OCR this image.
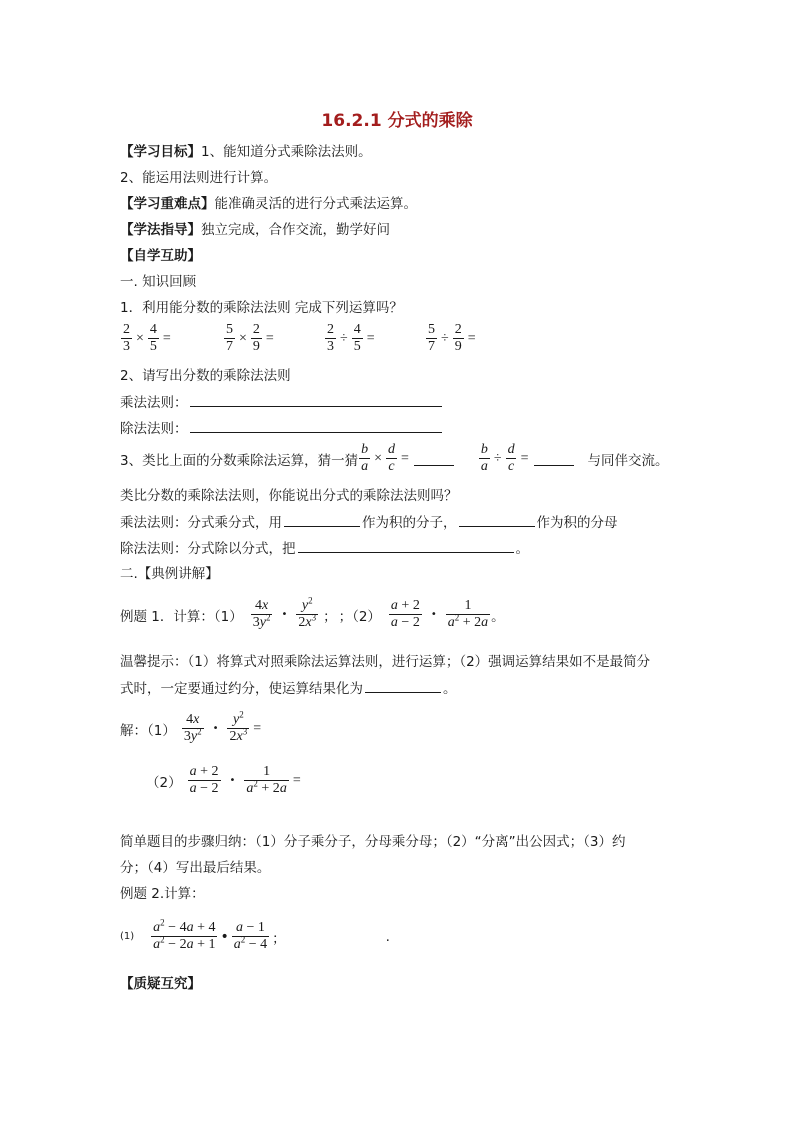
16.2.1 分式的乘除
【学习目标】1、能知道分式乘除法法则。
2、能运用法则进行计算。
【学习重难点】能准确灵活的进行分式乘法运算。
【学法指导】独立完成，合作交流，勤学好问
【自学互助】
一. 知识回顾
1．利用能分数的乘除法法则 完成下列运算吗？
$\frac{2}{3} \times \frac{4}{5}$ =	$\frac{5}{7} \times \frac{2}{9}$ =	$\frac{2}{3} \div \frac{4}{5}$ =	$\frac{5}{7} \div \frac{2}{9}$ =
2、请写出分数的乘除法法则
乘法法则：
除法法则：
3、类比上面的分数乘除法运算，猜一猜 $\frac{b}{a} \times \frac{d}{c}$ =	$\frac{b}{a} \div \frac{d}{c}$ =	与同伴交流。
类比分数的乘除法法则，你能说出分式的乘除法法则吗？
乘法法则：分式乘分式，用	作为积的分子，	作为积的分母
除法法则：分式除以分式，把	。
二.【典例讲解】
例题 1．计算：$(1) \frac{4x}{3y^2}$ • $\frac{y^2}{2x^3}$ ； ；$(2) \frac{a + 2}{a - 2}$ • $\frac{1}{a^2 + 2a}$ 。
温馨提示：（1）将算式对照乘除法运算法则，进行运算；（2）强调运算结果如不是最简分
式时，一定要通过约分，使运算结果化为	。
解：$(1) \frac{4x}{3y^2}$ • $\frac{y^2}{2x^3}$ =
$(2) \frac{a + 2}{a - 2}$ • $\frac{1}{a^2 + 2a}$ =
简单题目的步骤归纳：（1）分子乘分子，分母乘分母；（2）“分离”出公因式；（3）约
分；（4）写出最后结果。
例题 2.计算：
$(1) \frac{a^2 - 4a + 4}{a^2 - 2a + 1}$ • $\frac{a - 1}{a^2 - 4}$ ；	.
【质疑互究】
